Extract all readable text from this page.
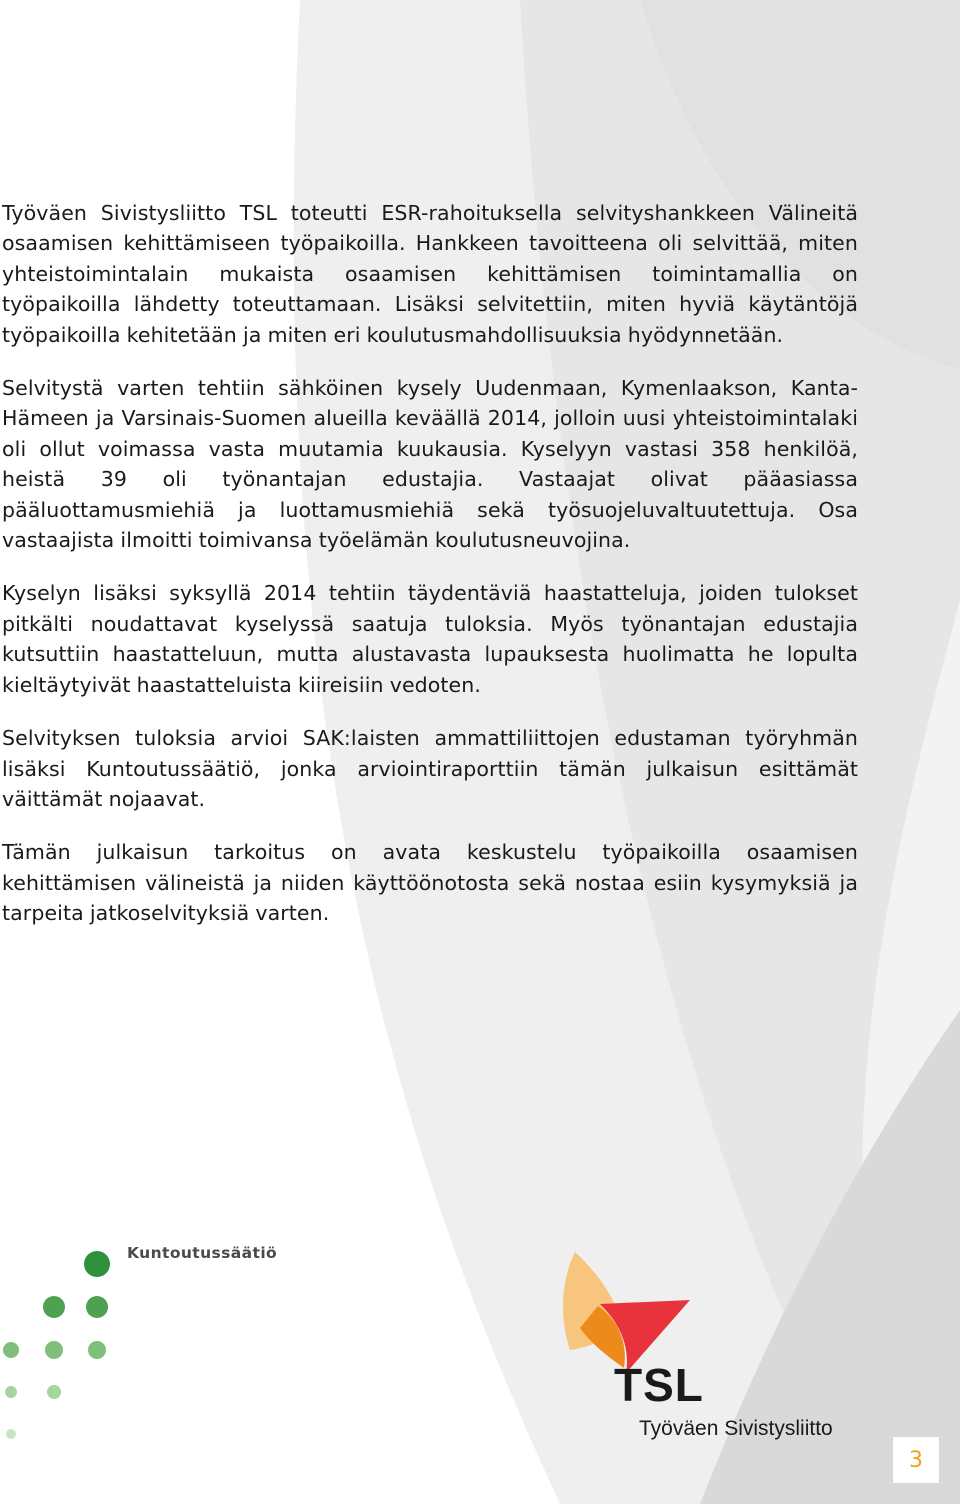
Työväen Sivistysliitto TSL toteutti ESR-rahoituksella selvityshankkeen Välineitä osaamisen kehittämiseen työpaikoilla. Hankkeen tavoitteena oli selvittää, miten yhteistoimintalain mukaista osaamisen kehittämisen toimintamallia on työpaikoilla lähdetty toteuttamaan. Lisäksi selvitettiin, miten hyviä käytäntöjä työpaikoilla kehitetään ja miten eri koulutusmahdollisuuksia hyödynnetään.

Selvitystä varten tehtiin sähköinen kysely Uudenmaan, Kymenlaakson, Kanta-Hämeen ja Varsinais-Suomen alueilla keväällä 2014, jolloin uusi yhteistoimintalaki oli ollut voimassa vasta muutamia kuukausia. Kyselyyn vastasi 358 henkilöä, heistä 39 oli työnantajan edustajia. Vastaajat olivat pääasiassa pääluottamusmiehiä ja luottamusmiehiä sekä työsuojeluvaltuutettuja. Osa vastaajista ilmoitti toimivansa työelämän koulutusneuvojina.

Kyselyn lisäksi syksyllä 2014 tehtiin täydentäviä haastatteluja, joiden tulokset pitkälti noudattavat kyselyssä saatuja tuloksia. Myös työnantajan edustajia kutsuttiin haastatteluun, mutta alustavasta lupauksesta huolimatta he lopulta kieltäytyivät haastatteluista kiireisiin vedoten.

Selvityksen tuloksia arvioi SAK:laisten ammattiliittojen edustaman työryhmän lisäksi Kuntoutussäätiö, jonka arviointiraporttiin tämän julkaisun esittämät väittämät nojaavat.

Tämän julkaisun tarkoitus on avata keskustelu työpaikoilla osaamisen kehittämisen välineistä ja niiden käyttöönotosta sekä nostaa esiin kysymyksiä ja tarpeita jatkoselvityksiä varten.

Kuntoutussäätiö
TSL
Työväen Sivistysliitto
3
